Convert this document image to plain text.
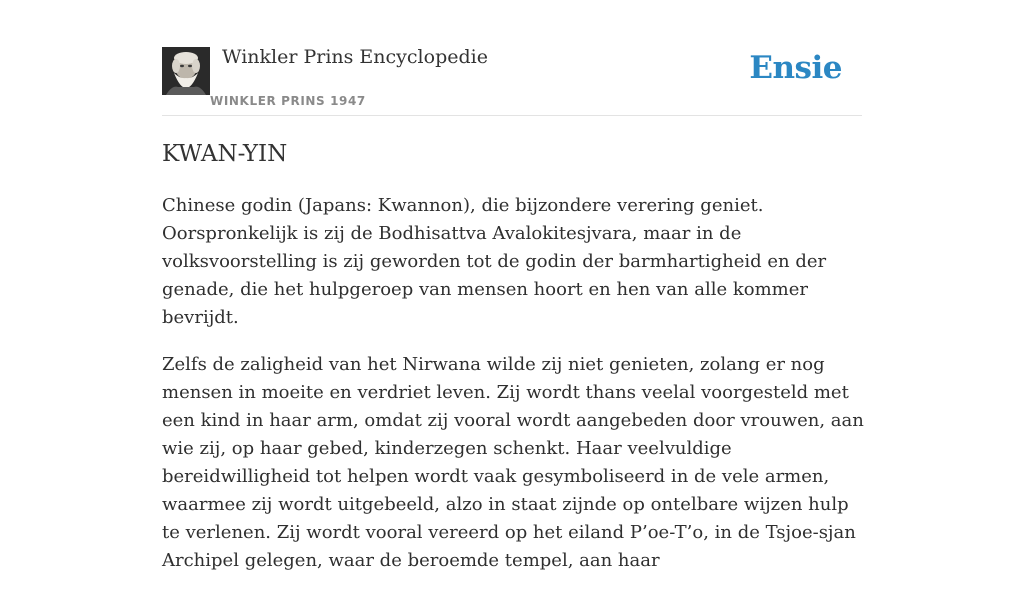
Winkler Prins Encyclopedie
WINKLER PRINS 1947
Ensie
KWAN-YIN

Chinese godin (Japans: Kwannon), die bijzondere verering geniet. Oorspronkelijk is zij de Bodhisattva Avalokitesjvara, maar in de volksvoorstelling is zij geworden tot de godin der barmhartigheid en der genade, die het hulpgeroep van mensen hoort en hen van alle kommer bevrijdt.

Zelfs de zaligheid van het Nirwana wilde zij niet genieten, zolang er nog mensen in moeite en verdriet leven. Zij wordt thans veelal voorgesteld met een kind in haar arm, omdat zij vooral wordt aangebeden door vrouwen, aan wie zij, op haar gebed, kinderzegen schenkt. Haar veelvuldige bereidwilligheid tot helpen wordt vaak gesymboliseerd in de vele armen, waarmee zij wordt uitgebeeld, alzo in staat zijnde op ontelbare wijzen hulp te verlenen. Zij wordt vooral vereerd op het eiland P’oe-T’o, in de Tsjoe-sjan Archipel gelegen, waar de beroemde tempel, aan haar
